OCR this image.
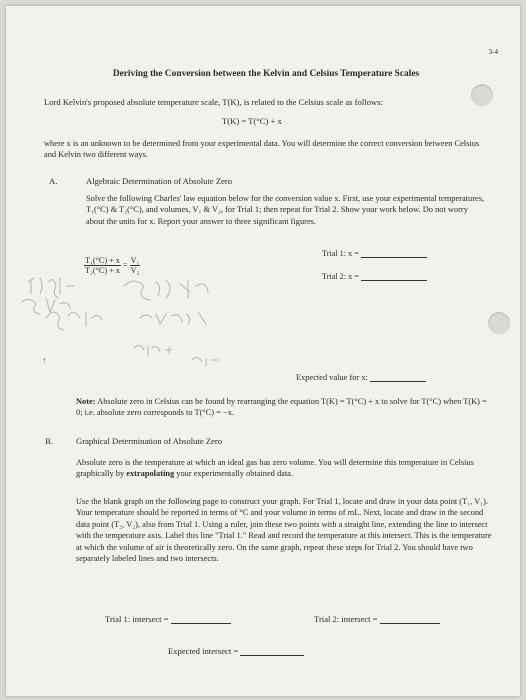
3-4
Deriving the Conversion between the Kelvin and Celsius Temperature Scales
Lord Kelvin's proposed absolute temperature scale, T(K), is related to the Celsius scale as follows:
T(K) = T(°C) + x
where x is an unknown to be determined from your experimental data. You will determine the correct conversion between Celsius and Kelvin two different ways.
A.	Algebraic Determination of Absolute Zero
Solve the following Charles' law equation below for the conversion value x. First, use your experimental temperatures, T₁(°C) & T₂(°C), and volumes, V₁ & V₂, for Trial 1; then repeat for Trial 2. Show your work below. Do not worry about the units for x. Report your answer to three significant figures.
$\frac{\text{T₁(°C) + x}}{\text{T₂(°C) + x}} = \frac{\text{V₁}}{\text{V₂}}$
Trial 1: x =
Trial 2: x =
↑
Expected value for x:
Note: Absolute zero in Celsius can be found by rearranging the equation T(K) = T(°C) + x to solve for T(°C) when T(K) = 0; i.e. absolute zero corresponds to T(°C) = −x.
B.	Graphical Determination of Absolute Zero
Absolute zero is the temperature at which an ideal gas has zero volume. You will determine this temperature in Celsius graphically by extrapolating your experimentally obtained data.
Use the blank graph on the following page to construct your graph. For Trial 1, locate and draw in your data point (T₁, V₁). Your temperature should be reported in terms of °C and your volume in terms of mL. Next, locate and draw in the second data point (T₂, V₂), also from Trial 1. Using a ruler, join these two points with a straight line, extending the line to intersect with the temperature axis. Label this line "Trial 1." Read and record the temperature at this intersect. This is the temperature at which the volume of air is theoretically zero. On the same graph, repeat these steps for Trial 2. You should have two separately labeled lines and two intersects.
Trial 1: intersect =	Trial 2: intersect =
Expected intersect =
